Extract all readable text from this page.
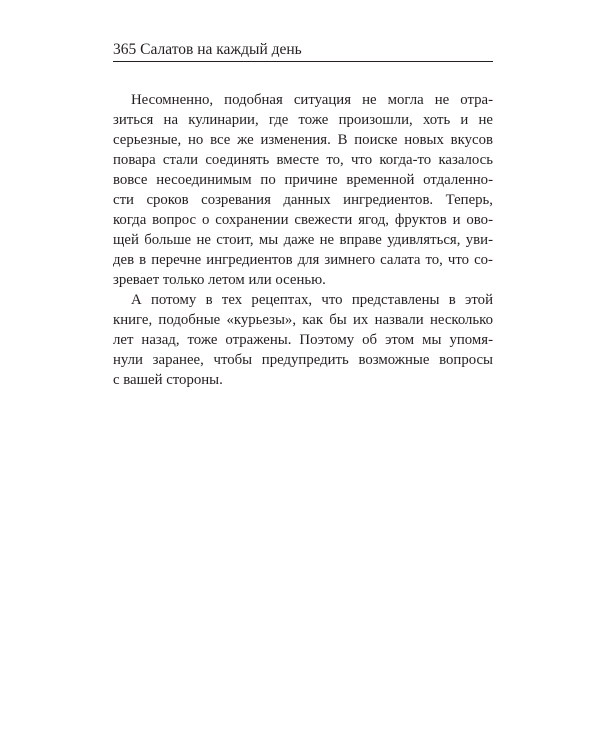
365 Салатов на каждый день
Несомненно, подобная ситуация не могла не отра-
зиться на кулинарии, где тоже произошли, хоть и не
серьезные, но все же изменения. В поиске новых вкусов
повара стали соединять вместе то, что когда-то казалось
вовсе несоединимым по причине временной отдаленно-
сти сроков созревания данных ингредиентов. Теперь,
когда вопрос о сохранении свежести ягод, фруктов и ово-
щей больше не стоит, мы даже не вправе удивляться, уви-
дев в перечне ингредиентов для зимнего салата то, что со-
зревает только летом или осенью.
А потому в тех рецептах, что представлены в этой
книге, подобные «курьезы», как бы их назвали несколько
лет назад, тоже отражены. Поэтому об этом мы упомя-
нули заранее, чтобы предупредить возможные вопросы
с вашей стороны.
